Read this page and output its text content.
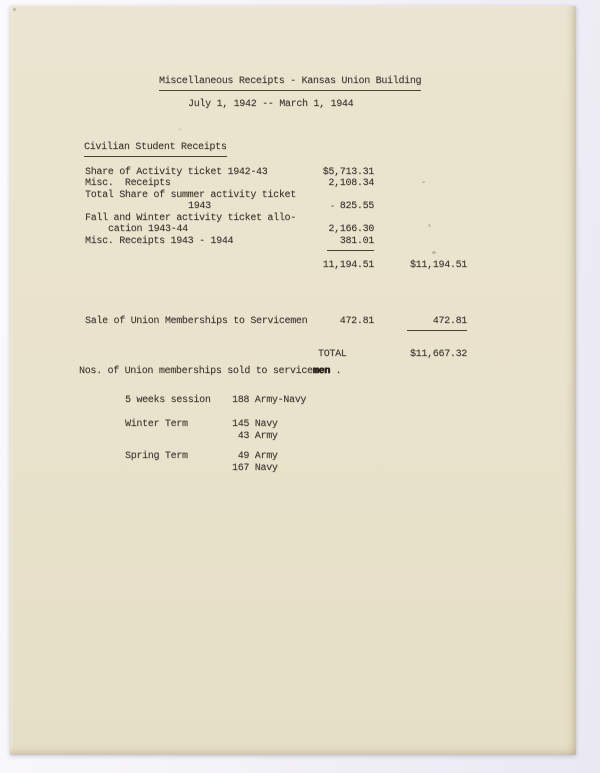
Miscellaneous Receipts - Kansas Union Building
July 1, 1942 -- March 1, 1944
Civilian Student Receipts
Share of Activity ticket 1942-43	$5,713.31
Misc.  Receipts	2,108.34
Total Share of summer activity ticket
1943	825.55
Fall and Winter activity ticket allo-
cation 1943-44	2,166.30
Misc. Receipts 1943 - 1944	381.01
11,194.51	$11,194.51
Sale of Union Memberships to Servicemen	472.81	472.81
TOTAL	$11,667.32
Nos. of Union memberships sold to servicemen .
5 weeks session 188 Army-Navy
Winter Term	145 Navy
43 Army
Spring Term	49 Army
167 Navy
